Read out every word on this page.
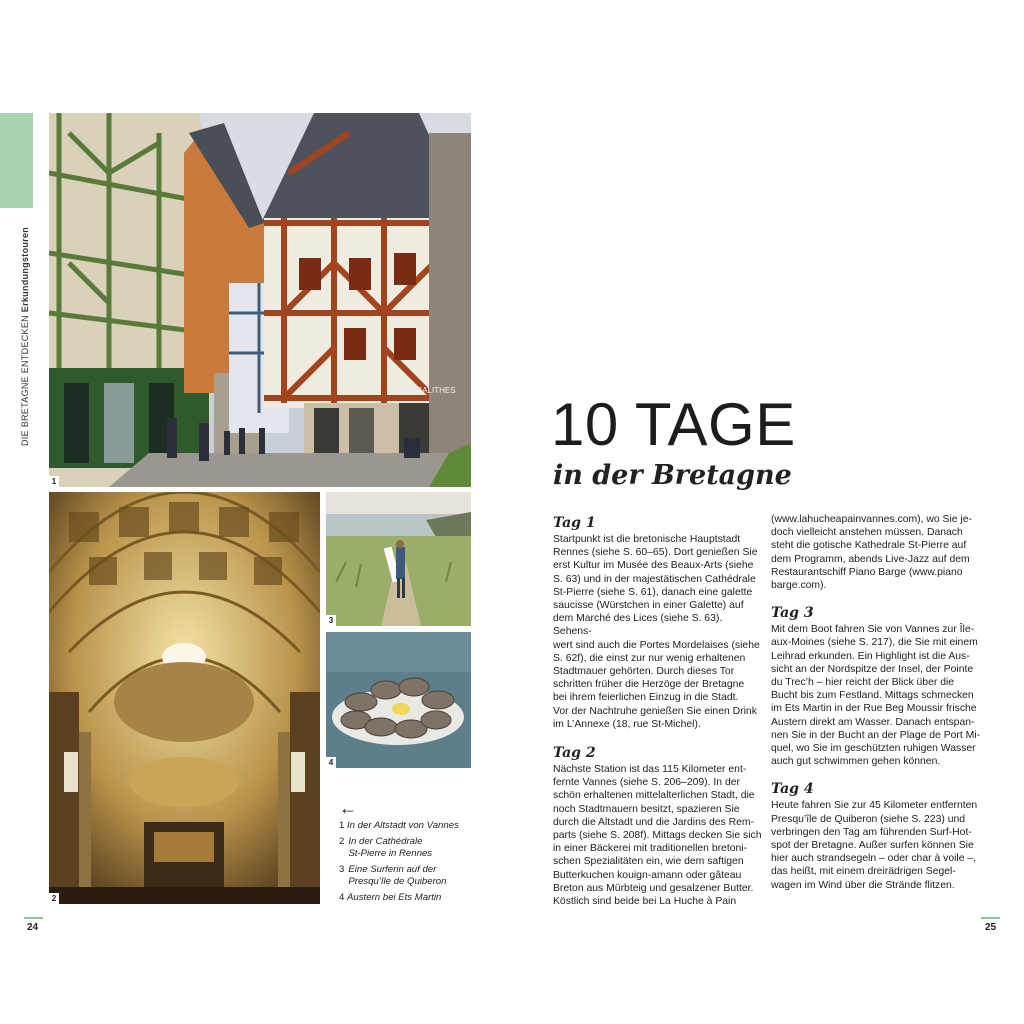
DIE BRETAGNE ENTDECKEN Erkundungstouren
MEGALITHES
1
2
3
4
←
1 In der Altstadt von Vannes
2 In der Cathédrale
St-Pierre in Rennes
3 Eine Surferin auf der
Presqu’île de Quiberon
4 Austern bei Ets Martin
10 TAGE
in der Bretagne
Tag 1

Startpunkt ist die bretonische Hauptstadt
Rennes (siehe S. 60–65). Dort genießen Sie
erst Kultur im Musée des Beaux-Arts (siehe
S. 63) und in der majestätischen Cathédrale
St-Pierre (siehe S. 61), danach eine galette
saucisse (Würstchen in einer Galette) auf
dem Marché des Lices (siehe S. 63). Sehens-
wert sind auch die Portes Mordelaises (siehe
S. 62f), die einst zur nur wenig erhaltenen
Stadtmauer gehörten. Durch dieses Tor
schritten früher die Herzöge der Bretagne
bei ihrem feierlichen Einzug in die Stadt.
Vor der Nachtruhe genießen Sie einen Drink
im L’Annexe (18, rue St-Michel).

Tag 2

Nächste Station ist das 115 Kilometer ent-
fernte Vannes (siehe S. 206–209). In der
schön erhaltenen mittelalterlichen Stadt, die
noch Stadtmauern besitzt, spazieren Sie
durch die Altstadt und die Jardins des Rem-
parts (siehe S. 208f). Mittags decken Sie sich
in einer Bäckerei mit traditionellen bretoni-
schen Spezialitäten ein, wie dem saftigen
Butterkuchen kouign-amann oder gâteau
Breton aus Mürbteig und gesalzener Butter.
Köstlich sind beide bei La Huche à Pain

(www.lahucheapainvannes.com), wo Sie je-
doch vielleicht anstehen müssen. Danach
steht die gotische Kathedrale St-Pierre auf
dem Programm, abends Live-Jazz auf dem
Restaurantschiff Piano Barge (www.piano
barge.com).

Tag 3

Mit dem Boot fahren Sie von Vannes zur Île-
aux-Moines (siehe S. 217), die Sie mit einem
Leihrad erkunden. Ein Highlight ist die Aus-
sicht an der Nordspitze der Insel, der Pointe
du Trec’h – hier reicht der Blick über die
Bucht bis zum Festland. Mittags schmecken
im Ets Martin in der Rue Beg Moussir frische
Austern direkt am Wasser. Danach entspan-
nen Sie in der Bucht an der Plage de Port Mi-
quel, wo Sie im geschützten ruhigen Wasser
auch gut schwimmen gehen können.

Tag 4

Heute fahren Sie zur 45 Kilometer entfernten
Presqu’île de Quiberon (siehe S. 223) und
verbringen den Tag am führenden Surf-Hot-
spot der Bretagne. Außer surfen können Sie
hier auch strandsegeln – oder char à voile –,
das heißt, mit einem dreirädrigen Segel-
wagen im Wind über die Strände flitzen.

24	25
